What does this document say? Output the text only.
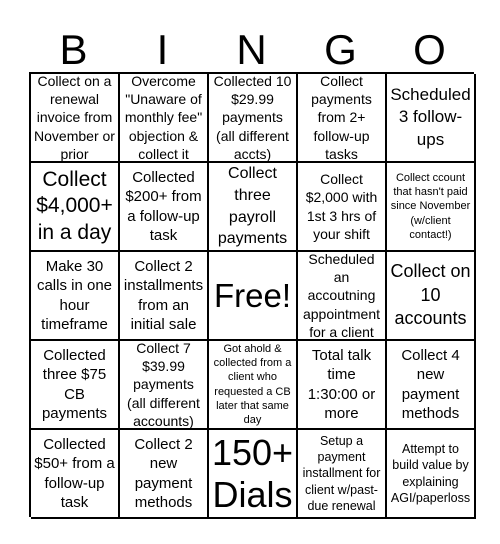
B	I	N	G	O
Collect on a renewal invoice from November or prior
Overcome "Unaware of monthly fee" objection & collect it
Collected 10 $29.99 payments (all different accts)
Collect payments from 2+ follow-up tasks
Scheduled 3 follow-ups
Collect $4,000+ in a day
Collected $200+ from a follow-up task
Collect three payroll payments
Collect $2,000 with 1st 3 hrs of your shift
Collect ccount that hasn't paid since November (w/client contact!)
Make 30 calls in one hour timeframe
Collect 2 installments from an initial sale
Free!
Scheduled an accoutning appointment for a client
Collect on 10 accounts
Collected three $75 CB payments
Collect 7 $39.99 payments (all different accounts)
Got ahold & collected from a client who requested a CB later that same day
Total talk time 1:30:00 or more
Collect 4 new payment methods
Collected $50+ from a follow-up task
Collect 2 new payment methods
150+ Dials
Setup a payment installment for client w/past-due renewal
Attempt to build value by explaining AGI/paperloss
